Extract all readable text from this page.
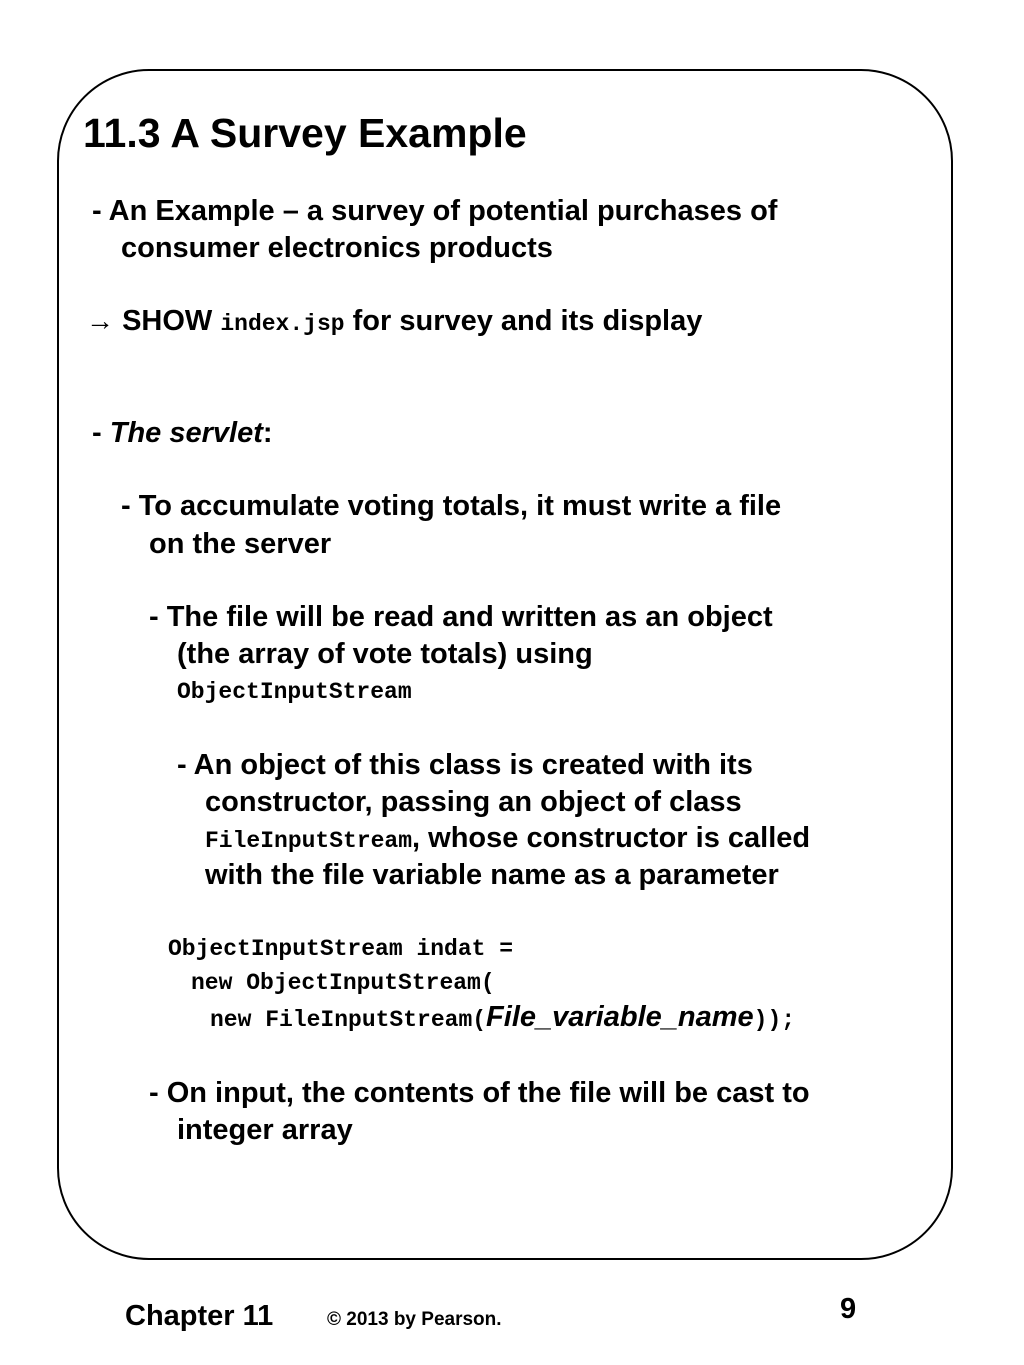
11.3 A Survey Example
- An Example – a survey of potential purchases of
consumer electronics products
→ SHOW index.jsp for survey and its display
- The servlet:
- To accumulate voting totals, it must write a file
on the server
- The file will be read and written as an object
(the array of vote totals) using
ObjectInputStream
- An object of this class is created with its
constructor, passing an object of class
FileInputStream, whose constructor is called
with the file variable name as a parameter
ObjectInputStream indat =
new ObjectInputStream(
new FileInputStream(File_variable_name));
- On input, the contents of the file will be cast to
integer array
Chapter 11	© 2013 by Pearson.	9
